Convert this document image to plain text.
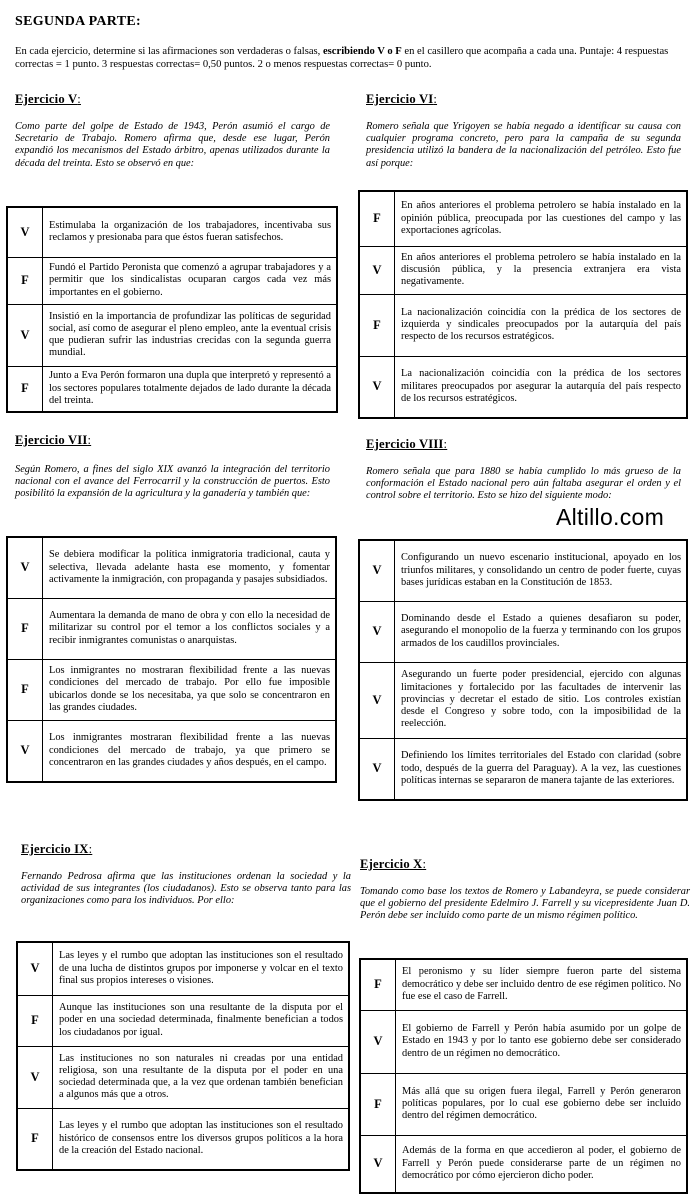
SEGUNDA PARTE:
En cada ejercicio, determine si las afirmaciones son verdaderas o falsas, escribiendo V o F en el casillero que acompaña a cada una. Puntaje: 4 respuestas correctas = 1 punto. 3 respuestas correctas= 0,50 puntos. 2 o menos respuestas correctas= 0 punto.
Altillo.com
Ejercicio V:
Como parte del golpe de Estado de 1943, Perón asumió el cargo de Secretario de Trabajo. Romero afirma que, desde ese lugar, Perón expandió los mecanismos del Estado árbitro, apenas utilizados durante la década del treinta. Esto se observó en que:
V	Estimulaba la organización de los trabajadores, incentivaba sus reclamos y presionaba para que éstos fueran satisfechos.
F	Fundó el Partido Peronista que comenzó a agrupar trabajadores y a permitir que los sindicalistas ocuparan cargos cada vez más importantes en el gobierno.
V	Insistió en la importancia de profundizar las políticas de seguridad social, así como de asegurar el pleno empleo, ante la eventual crisis que pudieran sufrir las industrias crecidas con la segunda guerra mundial.
F	Junto a Eva Perón formaron una dupla que interpretó y representó a los sectores populares totalmente dejados de lado durante la década del treinta.
Ejercicio VI:
Romero señala que Yrigoyen se había negado a identificar su causa con cualquier programa concreto, pero para la campaña de su segunda presidencia utilizó la bandera de la nacionalización del petróleo. Esto fue así porque:
F	En años anteriores el problema petrolero se había instalado en la opinión pública, preocupada por las cuestiones del campo y las exportaciones agrícolas.
V	En años anteriores el problema petrolero se había instalado en la discusión pública, y la presencia extranjera era vista negativamente.
F	La nacionalización coincidía con la prédica de los sectores de izquierda y sindicales preocupados por la autarquía del país respecto de los recursos estratégicos.
V	La nacionalización coincidía con la prédica de los sectores militares preocupados por asegurar la autarquía del país respecto de los recursos estratégicos.
Ejercicio VII:
Según Romero, a fines del siglo XIX avanzó la integración del territorio nacional con el avance del Ferrocarril y la construcción de puertos. Esto posibilitó la expansión de la agricultura y la ganadería y también que:
V	Se debiera modificar la política inmigratoria tradicional, cauta y selectiva, llevada adelante hasta ese momento, y fomentar activamente la inmigración, con propaganda y pasajes subsidiados.
F	Aumentara la demanda de mano de obra y con ello la necesidad de militarizar su control por el temor a los conflictos sociales y a recibir inmigrantes comunistas o anarquistas.
F	Los inmigrantes no mostraran flexibilidad frente a las nuevas condiciones del mercado de trabajo. Por ello fue imposible ubicarlos donde se los necesitaba, ya que solo se concentraron en las grandes ciudades.
V	Los inmigrantes mostraran flexibilidad frente a las nuevas condiciones del mercado de trabajo, ya que primero se concentraron en las grandes ciudades y años después, en el campo.
Ejercicio VIII:
Romero señala que para 1880 se había cumplido lo más grueso de la conformación el Estado nacional pero aún faltaba asegurar el orden y el control sobre el territorio. Esto se hizo del siguiente modo:
V	Configurando un nuevo escenario institucional, apoyado en los triunfos militares, y consolidando un centro de poder fuerte, cuyas bases jurídicas estaban en la Constitución de 1853.
V	Dominando desde el Estado a quienes desafiaron su poder, asegurando el monopolio de la fuerza y terminando con los grupos armados de los caudillos provinciales.
V	Asegurando un fuerte poder presidencial, ejercido con algunas limitaciones y fortalecido por las facultades de intervenir las provincias y decretar el estado de sitio. Los controles existían desde el Congreso y sobre todo, con la imposibilidad de la reelección.
V	Definiendo los límites territoriales del Estado con claridad (sobre todo, después de la guerra del Paraguay). A la vez, las cuestiones políticas internas se separaron de manera tajante de las exteriores.
Ejercicio IX:
Fernando Pedrosa afirma que las instituciones ordenan la sociedad y la actividad de sus integrantes (los ciudadanos). Esto se observa tanto para las organizaciones como para los individuos. Por ello:
V	Las leyes y el rumbo que adoptan las instituciones son el resultado de una lucha de distintos grupos por imponerse y volcar en el texto final sus propios intereses o visiones.
F	Aunque las instituciones son una resultante de la disputa por el poder en una sociedad determinada, finalmente benefician a todos los ciudadanos por igual.
V	Las instituciones no son naturales ni creadas por una entidad religiosa, son una resultante de la disputa por el poder en una sociedad determinada que, a la vez que ordenan también benefician a algunos más que a otros.
F	Las leyes y el rumbo que adoptan las instituciones son el resultado histórico de consensos entre los diversos grupos políticos a la hora de la creación del Estado nacional.
Ejercicio X:
Tomando como base los textos de Romero y Labandeyra, se puede considerar que el gobierno del presidente Edelmiro J. Farrell y su vicepresidente Juan D. Perón debe ser incluido como parte de un mismo régimen político.
F	El peronismo y su líder siempre fueron parte del sistema democrático y debe ser incluido dentro de ese régimen político. No fue ese el caso de Farrell.
V	El gobierno de Farrell y Perón había asumido por un golpe de Estado en 1943 y por lo tanto ese gobierno debe ser considerado dentro de un régimen no democrático.
F	Más allá que su origen fuera ilegal, Farrell y Perón generaron políticas populares, por lo cual ese gobierno debe ser incluido dentro del régimen democrático.
V	Además de la forma en que accedieron al poder, el gobierno de Farrell y Perón puede considerarse parte de un régimen no democrático por cómo ejercieron dicho poder.
